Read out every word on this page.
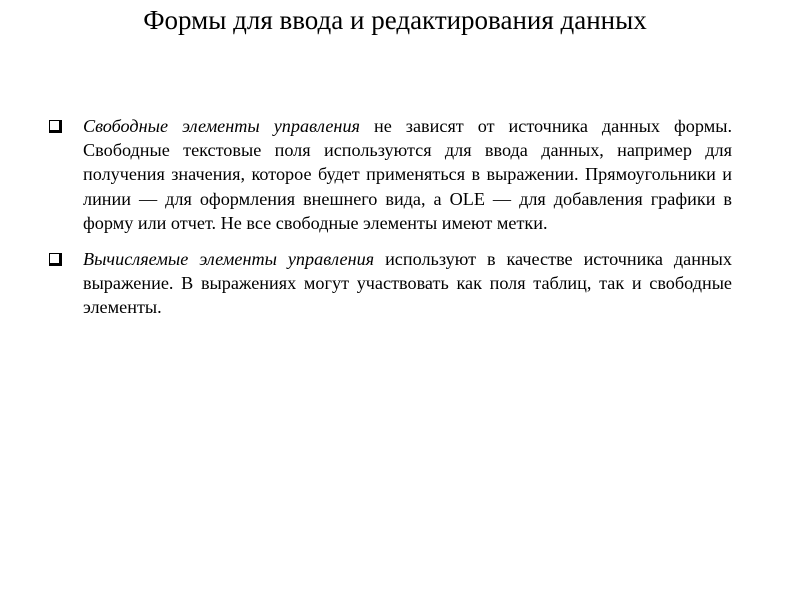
Формы для ввода и редактирования данных
Свободные элементы управления не зависят от источника данных формы. Свободные текстовые поля используются для ввода данных, например для получения значения, которое будет применяться в выражении. Прямоугольники и линии — для оформления внешнего вида, a OLE — для добавления графики в форму или отчет. Не все свободные элементы имеют метки.
Вычисляемые элементы управления используют в качестве источника данных выражение. В выражениях могут участвовать как поля таблиц, так и свободные элементы.
